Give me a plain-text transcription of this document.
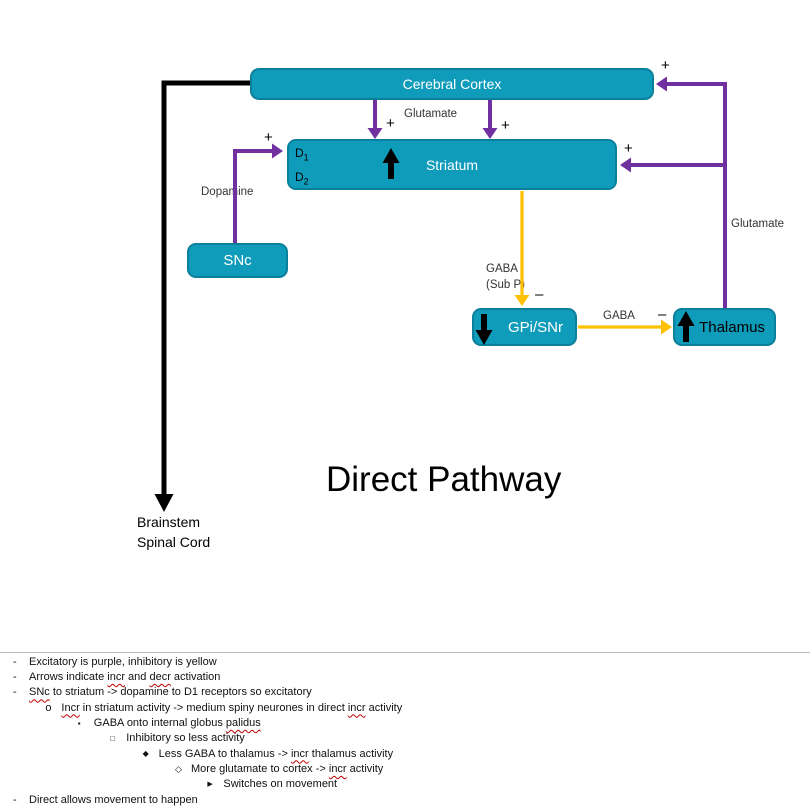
Cerebral Cortex
$D_1$
$D_2$
Striatum
SNc
GPi/SNr	Thalamus
Glutamate
+	+
+
Dopamine
+
+
Glutamate
GABA
(Sub P)
–
GABA –
Direct Pathway
Brainstem
Spinal Cord
-	Excitatory is purple, inhibitory is yellow
-	Arrows indicate incr and decr activation
-	SNc to striatum -> dopamine to D1 receptors so excitatory
o Incr in striatum activity -> medium spiny neurones in direct incr activity
▪	GABA onto internal globus palidus
□	Inhibitory so less activity
◆ Less GABA to thalamus -> incr thalamus activity
◇ More glutamate to cortex -> incr activity
▶ Switches on movement
-	Direct allows movement to happen
